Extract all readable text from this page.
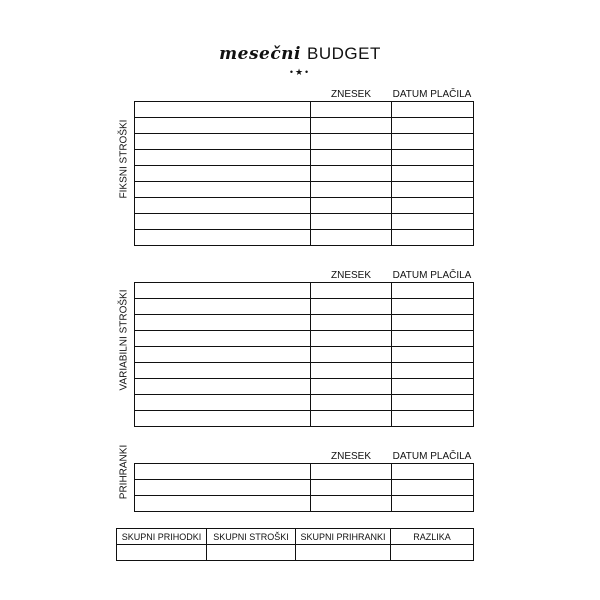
mesečni BUDGET
•★•
ZNESEK	DATUM PLAČILA
FIKSNI STROŠKI

ZNESEK	DATUM PLAČILA
VARIABILNI STROŠKI

ZNESEK	DATUM PLAČILA
PRIHRANKI

SKUPNI PRIHODKI	SKUPNI STROŠKI	SKUPNI PRIHRANKI	RAZLIKA
